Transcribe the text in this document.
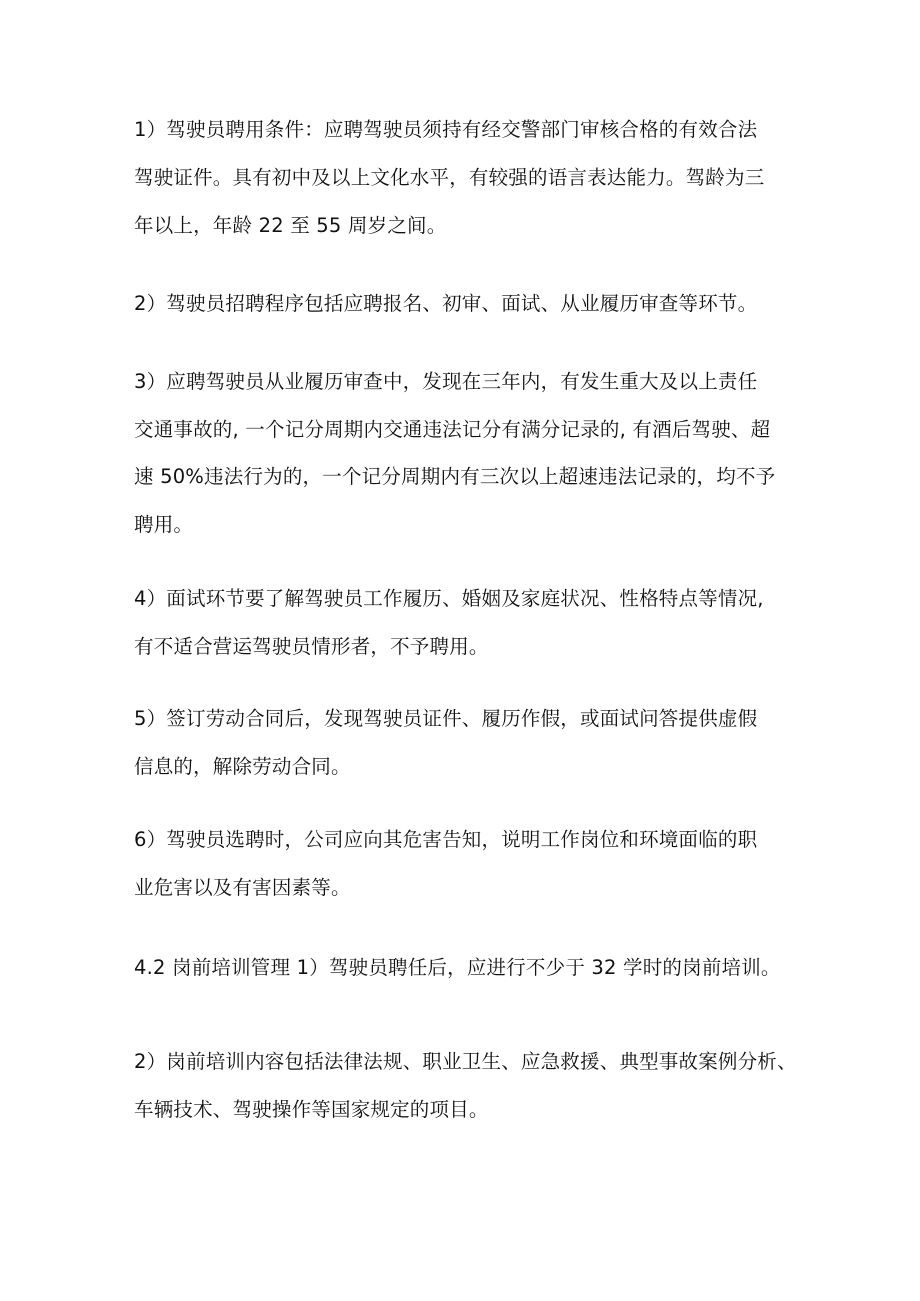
1）驾驶员聘用条件：应聘驾驶员须持有经交警部门审核合格的有效合法
驾驶证件。具有初中及以上文化水平，有较强的语言表达能力。驾龄为三
年以上，年龄 22 至 55 周岁之间。
2）驾驶员招聘程序包括应聘报名、初审、面试、从业履历审查等环节。
3）应聘驾驶员从业履历审查中，发现在三年内，有发生重大及以上责任
交通事故的, 一个记分周期内交通违法记分有满分记录的, 有酒后驾驶、超
速 50%违法行为的，一个记分周期内有三次以上超速违法记录的，均不予
聘用。
4）面试环节要了解驾驶员工作履历、婚姻及家庭状况、性格特点等情况,
有不适合营运驾驶员情形者，不予聘用。
5）签订劳动合同后，发现驾驶员证件、履历作假，或面试问答提供虚假
信息的，解除劳动合同。
6）驾驶员选聘时，公司应向其危害告知，说明工作岗位和环境面临的职
业危害以及有害因素等。
4.2 岗前培训管理 1）驾驶员聘任后，应进行不少于 32 学时的岗前培训。
2）岗前培训内容包括法律法规、职业卫生、应急救援、典型事故案例分析、
车辆技术、驾驶操作等国家规定的项目。
